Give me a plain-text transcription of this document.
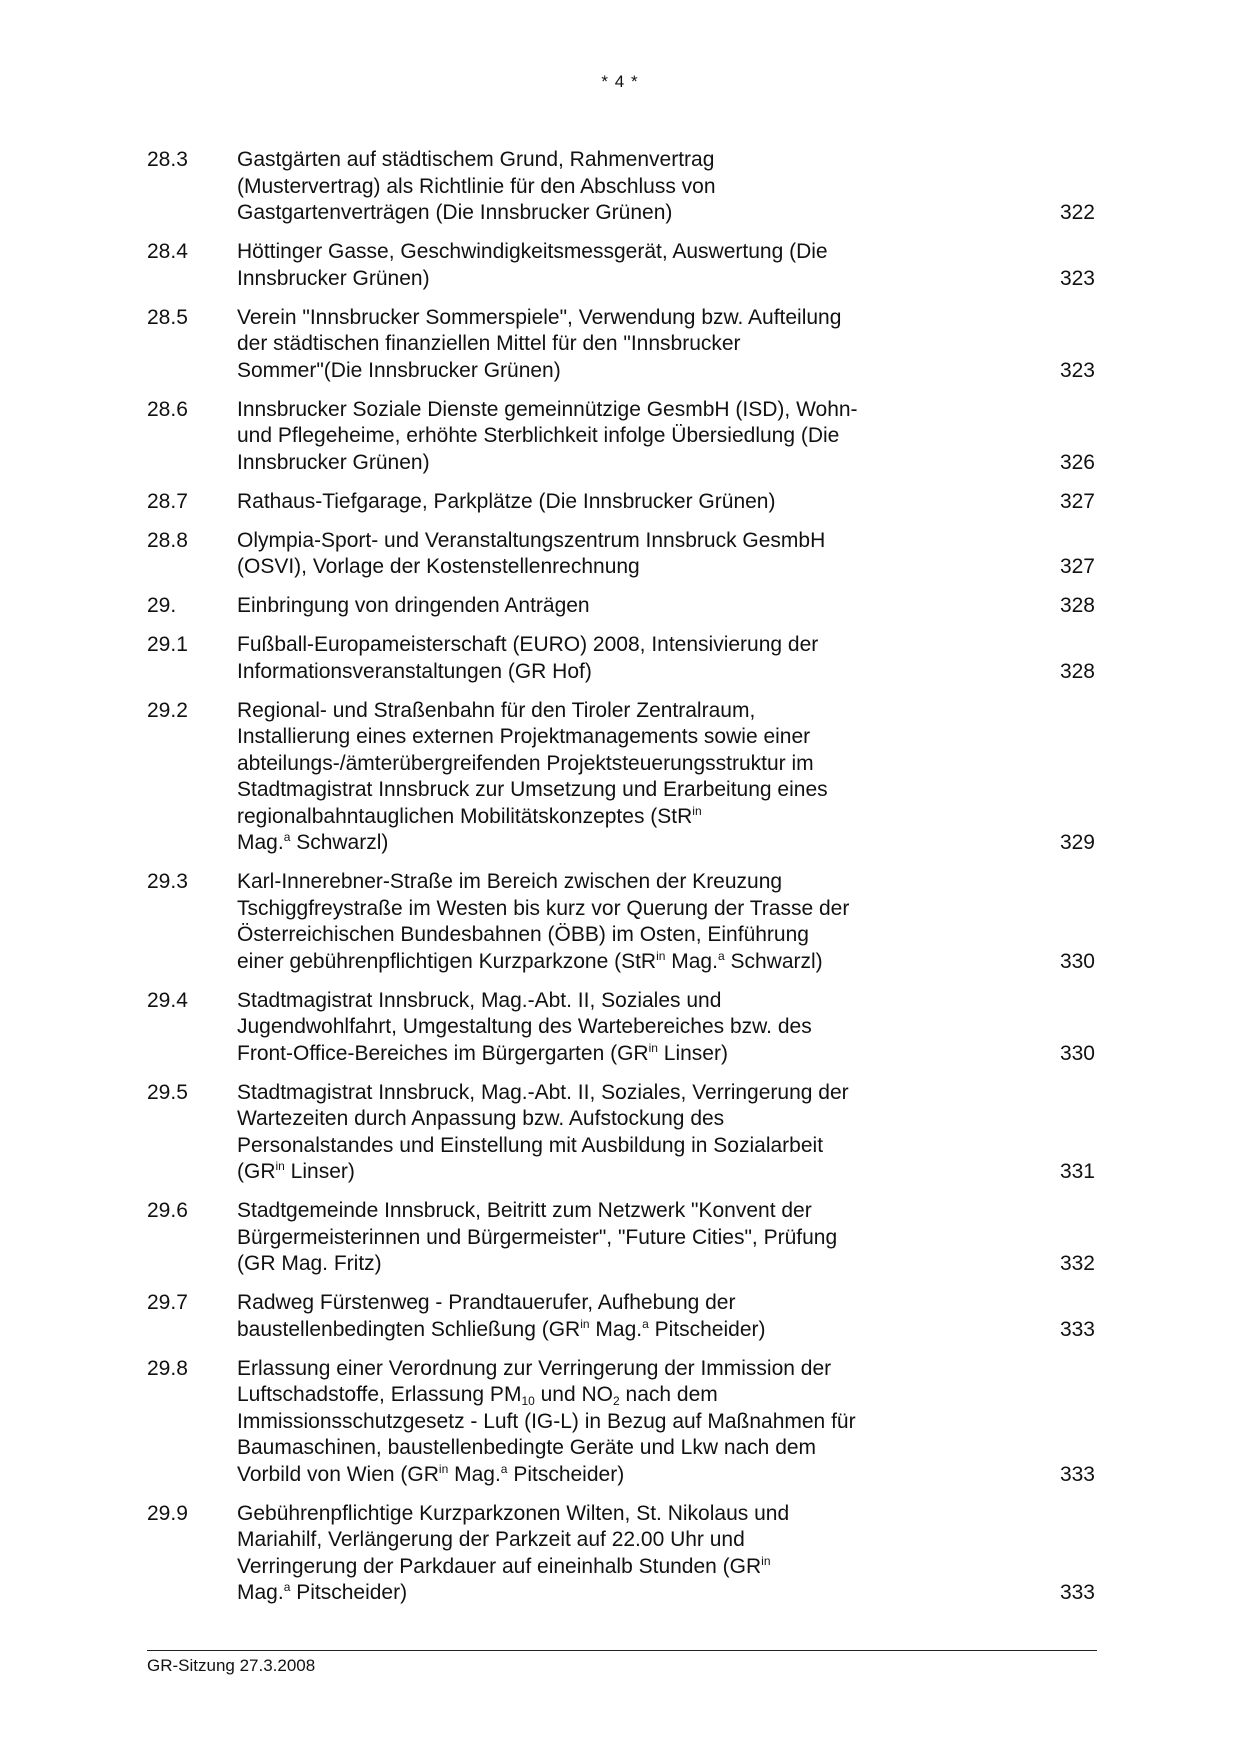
* 4 *
28.3	Gastgärten auf städtischem Grund, Rahmenvertrag
(Mustervertrag) als Richtlinie für den Abschluss von
Gastgartenverträgen (Die Innsbrucker Grünen)	322
28.4	Höttinger Gasse, Geschwindigkeitsmessgerät, Auswertung (Die
Innsbrucker Grünen)	323
28.5	Verein "Innsbrucker Sommerspiele", Verwendung bzw. Aufteilung
der städtischen finanziellen Mittel für den "Innsbrucker
Sommer"(Die Innsbrucker Grünen)	323
28.6	Innsbrucker Soziale Dienste gemeinnützige GesmbH (ISD), Wohn-
und Pflegeheime, erhöhte Sterblichkeit infolge Übersiedlung (Die
Innsbrucker Grünen)	326
28.7	Rathaus-Tiefgarage, Parkplätze (Die Innsbrucker Grünen)	327
28.8	Olympia-Sport- und Veranstaltungszentrum Innsbruck GesmbH
(OSVI), Vorlage der Kostenstellenrechnung	327
29.	Einbringung von dringenden Anträgen	328
29.1	Fußball-Europameisterschaft (EURO) 2008, Intensivierung der
Informationsveranstaltungen (GR Hof)	328
29.2	Regional- und Straßenbahn für den Tiroler Zentralraum,
Installierung eines externen Projektmanagements sowie einer
abteilungs-/ämterübergreifenden Projektsteuerungsstruktur im
Stadtmagistrat Innsbruck zur Umsetzung und Erarbeitung eines
regionalbahntauglichen Mobilitätskonzeptes (StR$^{in}$
Mag.$^a$ Schwarzl)	329
29.3	Karl-Innerebner-Straße im Bereich zwischen der Kreuzung
Tschiggfreystraße im Westen bis kurz vor Querung der Trasse der
Österreichischen Bundesbahnen (ÖBB) im Osten, Einführung
einer gebührenpflichtigen Kurzparkzone (StR$^{in}$ Mag.$^a$ Schwarzl)	330
29.4	Stadtmagistrat Innsbruck, Mag.-Abt. II, Soziales und
Jugendwohlfahrt, Umgestaltung des Wartebereiches bzw. des
Front-Office-Bereiches im Bürgergarten ($GR^{in}$ Linser)	330
29.5	Stadtmagistrat Innsbruck, Mag.-Abt. II, Soziales, Verringerung der
Wartezeiten durch Anpassung bzw. Aufstockung des
Personalstandes und Einstellung mit Ausbildung in Sozialarbeit
($GR^{in}$ Linser)	331
29.6	Stadtgemeinde Innsbruck, Beitritt zum Netzwerk "Konvent der
Bürgermeisterinnen und Bürgermeister", "Future Cities", Prüfung
(GR Mag. Fritz)	332
29.7	Radweg Fürstenweg - Prandtauerufer, Aufhebung der
baustellenbedingten Schließung ($GR^{in}$ Mag.$^a$ Pitscheider)	333
29.8	Erlassung einer Verordnung zur Verringerung der Immission der
Luftschadstoffe, Erlassung $PM_{10}$ und $NO_2$ nach dem
Immissionsschutzgesetz - Luft (IG-L) in Bezug auf Maßnahmen für
Baumaschinen, baustellenbedingte Geräte und Lkw nach dem
Vorbild von Wien ($GR^{in}$ Mag.$^a$ Pitscheider)	333
29.9	Gebührenpflichtige Kurzparkzonen Wilten, St. Nikolaus und
Mariahilf, Verlängerung der Parkzeit auf 22.00 Uhr und
Verringerung der Parkdauer auf eineinhalb Stunden ($GR^{in}$
Mag.$^a$ Pitscheider)	333
GR-Sitzung 27.3.2008
